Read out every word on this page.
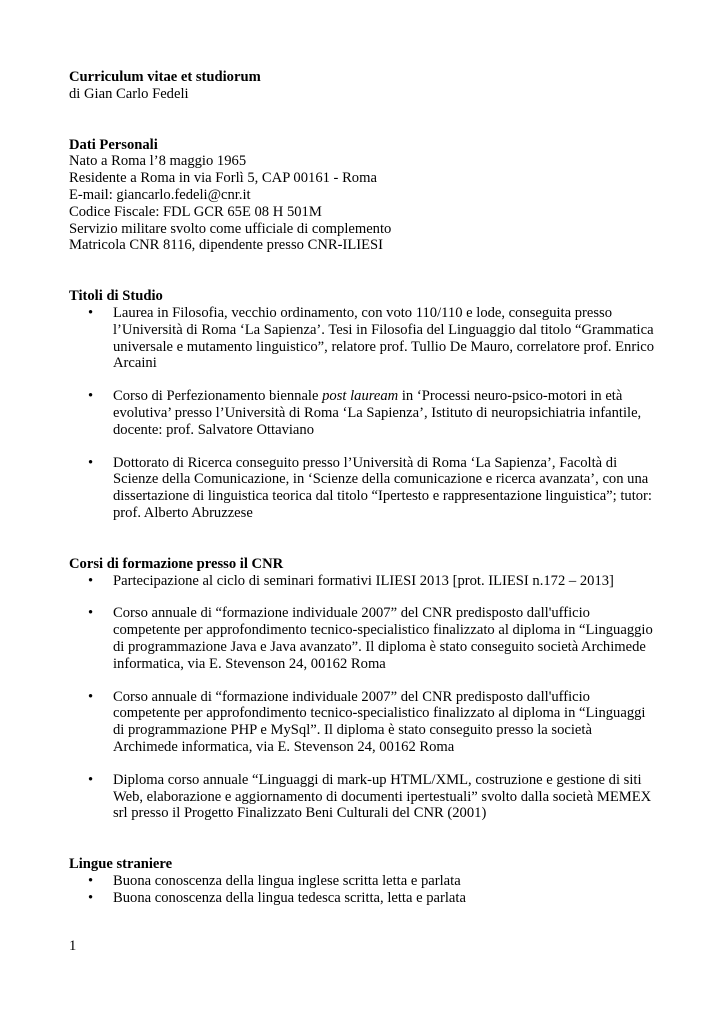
Curriculum vitae et studiorum

di Gian Carlo Fedeli

Dati Personali

Nato a Roma l’8 maggio 1965

Residente a Roma in via Forlì 5, CAP 00161 - Roma

E-mail: giancarlo.fedeli@cnr.it

Codice Fiscale: FDL GCR 65E 08 H 501M

Servizio militare svolto come ufficiale di complemento

Matricola CNR 8116, dipendente presso CNR-ILIESI

Titoli di Studio

• Laurea in Filosofia, vecchio ordinamento, con voto 110/110 e lode, conseguita presso l’Università di Roma ‘La Sapienza’. Tesi in Filosofia del Linguaggio dal titolo “Grammatica universale e mutamento linguistico”, relatore prof. Tullio De Mauro, correlatore prof. Enrico Arcaini
• Corso di Perfezionamento biennale post lauream in ‘Processi neuro-psico-motori in età evolutiva’ presso l’Università di Roma ‘La Sapienza’, Istituto di neuropsichiatria infantile, docente: prof. Salvatore Ottaviano
• Dottorato di Ricerca conseguito presso l’Università di Roma ‘La Sapienza’, Facoltà di Scienze della Comunicazione, in ‘Scienze della comunicazione e ricerca avanzata’, con una dissertazione di linguistica teorica dal titolo “Ipertesto e rappresentazione linguistica”; tutor: prof. Alberto Abruzzese

Corsi di formazione presso il CNR

• Partecipazione al ciclo di seminari formativi ILIESI 2013 [prot. ILIESI n.172 – 2013]
• Corso annuale di “formazione individuale 2007” del CNR predisposto dall'ufficio competente per approfondimento tecnico-specialistico finalizzato al diploma in “Linguaggio di programmazione Java e Java avanzato”. Il diploma è stato conseguito società Archimede informatica, via E. Stevenson 24, 00162 Roma
• Corso annuale di “formazione individuale 2007” del CNR predisposto dall'ufficio competente per approfondimento tecnico-specialistico finalizzato al diploma in “Linguaggi di programmazione PHP e MySql”. Il diploma è stato conseguito presso la società Archimede informatica, via E. Stevenson 24, 00162 Roma
• Diploma corso annuale “Linguaggi di mark-up HTML/XML, costruzione e gestione di siti Web, elaborazione e aggiornamento di documenti ipertestuali” svolto dalla società MEMEX srl presso il Progetto Finalizzato Beni Culturali del CNR (2001)

Lingue straniere

• Buona conoscenza della lingua inglese scritta letta e parlata
• Buona conoscenza della lingua tedesca scritta, letta e parlata
1
